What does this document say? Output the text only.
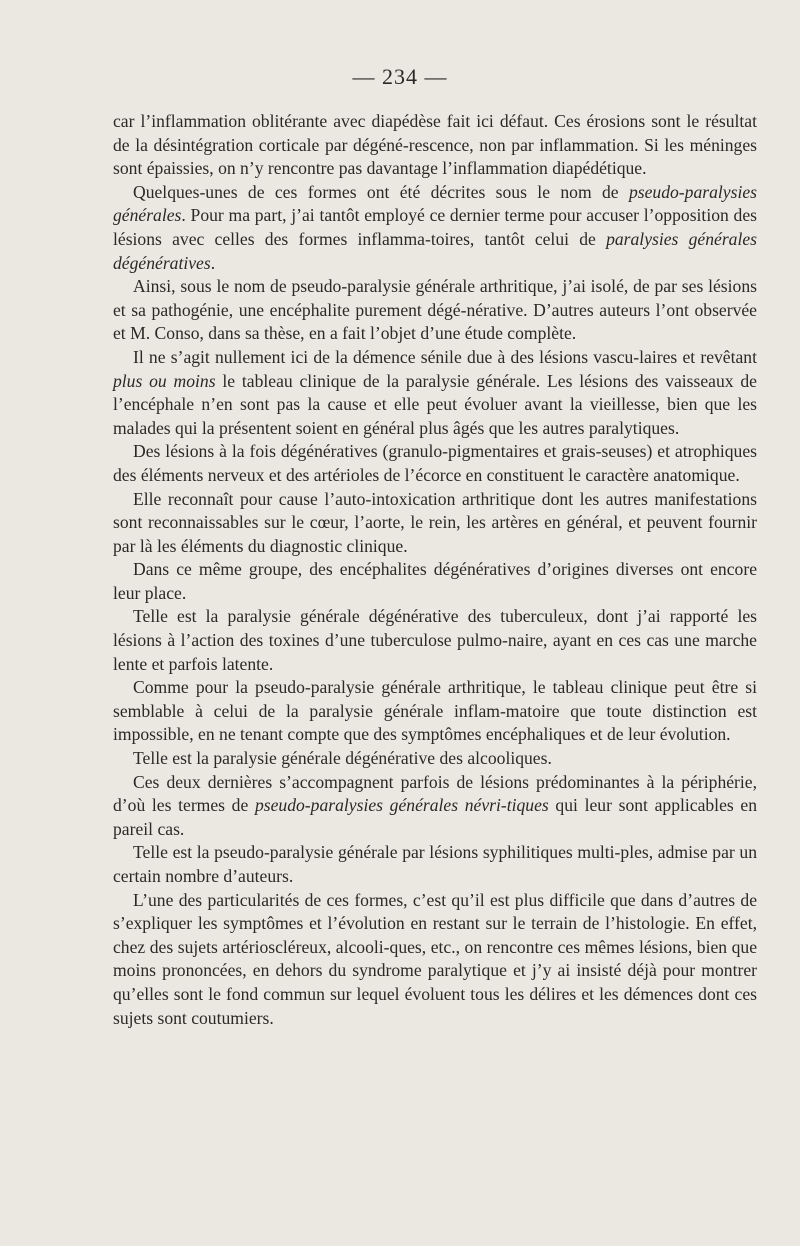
— 234 —

car l’inflammation oblitérante avec diapédèse fait ici défaut. Ces érosions sont le résultat de la désintégration corticale par dégéné-rescence, non par inflammation. Si les méninges sont épaissies, on n’y rencontre pas davantage l’inflammation diapédétique.

Quelques-unes de ces formes ont été décrites sous le nom de pseudo-paralysies générales. Pour ma part, j’ai tantôt employé ce dernier terme pour accuser l’opposition des lésions avec celles des formes inflamma-toires, tantôt celui de paralysies générales dégénératives.

Ainsi, sous le nom de pseudo-paralysie générale arthritique, j’ai isolé, de par ses lésions et sa pathogénie, une encéphalite purement dégé-nérative. D’autres auteurs l’ont observée et M. Conso, dans sa thèse, en a fait l’objet d’une étude complète.

Il ne s’agit nullement ici de la démence sénile due à des lésions vascu-laires et revêtant plus ou moins le tableau clinique de la paralysie générale. Les lésions des vaisseaux de l’encéphale n’en sont pas la cause et elle peut évoluer avant la vieillesse, bien que les malades qui la présentent soient en général plus âgés que les autres paralytiques.

Des lésions à la fois dégénératives (granulo-pigmentaires et grais-seuses) et atrophiques des éléments nerveux et des artérioles de l’écorce en constituent le caractère anatomique.

Elle reconnaît pour cause l’auto-intoxication arthritique dont les autres manifestations sont reconnaissables sur le cœur, l’aorte, le rein, les artères en général, et peuvent fournir par là les éléments du diagnostic clinique.

Dans ce même groupe, des encéphalites dégénératives d’origines diverses ont encore leur place.

Telle est la paralysie générale dégénérative des tuberculeux, dont j’ai rapporté les lésions à l’action des toxines d’une tuberculose pulmo-naire, ayant en ces cas une marche lente et parfois latente.

Comme pour la pseudo-paralysie générale arthritique, le tableau clinique peut être si semblable à celui de la paralysie générale inflam-matoire que toute distinction est impossible, en ne tenant compte que des symptômes encéphaliques et de leur évolution.

Telle est la paralysie générale dégénérative des alcooliques.

Ces deux dernières s’accompagnent parfois de lésions prédominantes à la périphérie, d’où les termes de pseudo-paralysies générales névri-tiques qui leur sont applicables en pareil cas.

Telle est la pseudo-paralysie générale par lésions syphilitiques multi-ples, admise par un certain nombre d’auteurs.

L’une des particularités de ces formes, c’est qu’il est plus difficile que dans d’autres de s’expliquer les symptômes et l’évolution en restant sur le terrain de l’histologie. En effet, chez des sujets artérioscléreux, alcooli-ques, etc., on rencontre ces mêmes lésions, bien que moins prononcées, en dehors du syndrome paralytique et j’y ai insisté déjà pour montrer qu’elles sont le fond commun sur lequel évoluent tous les délires et les démences dont ces sujets sont coutumiers.
